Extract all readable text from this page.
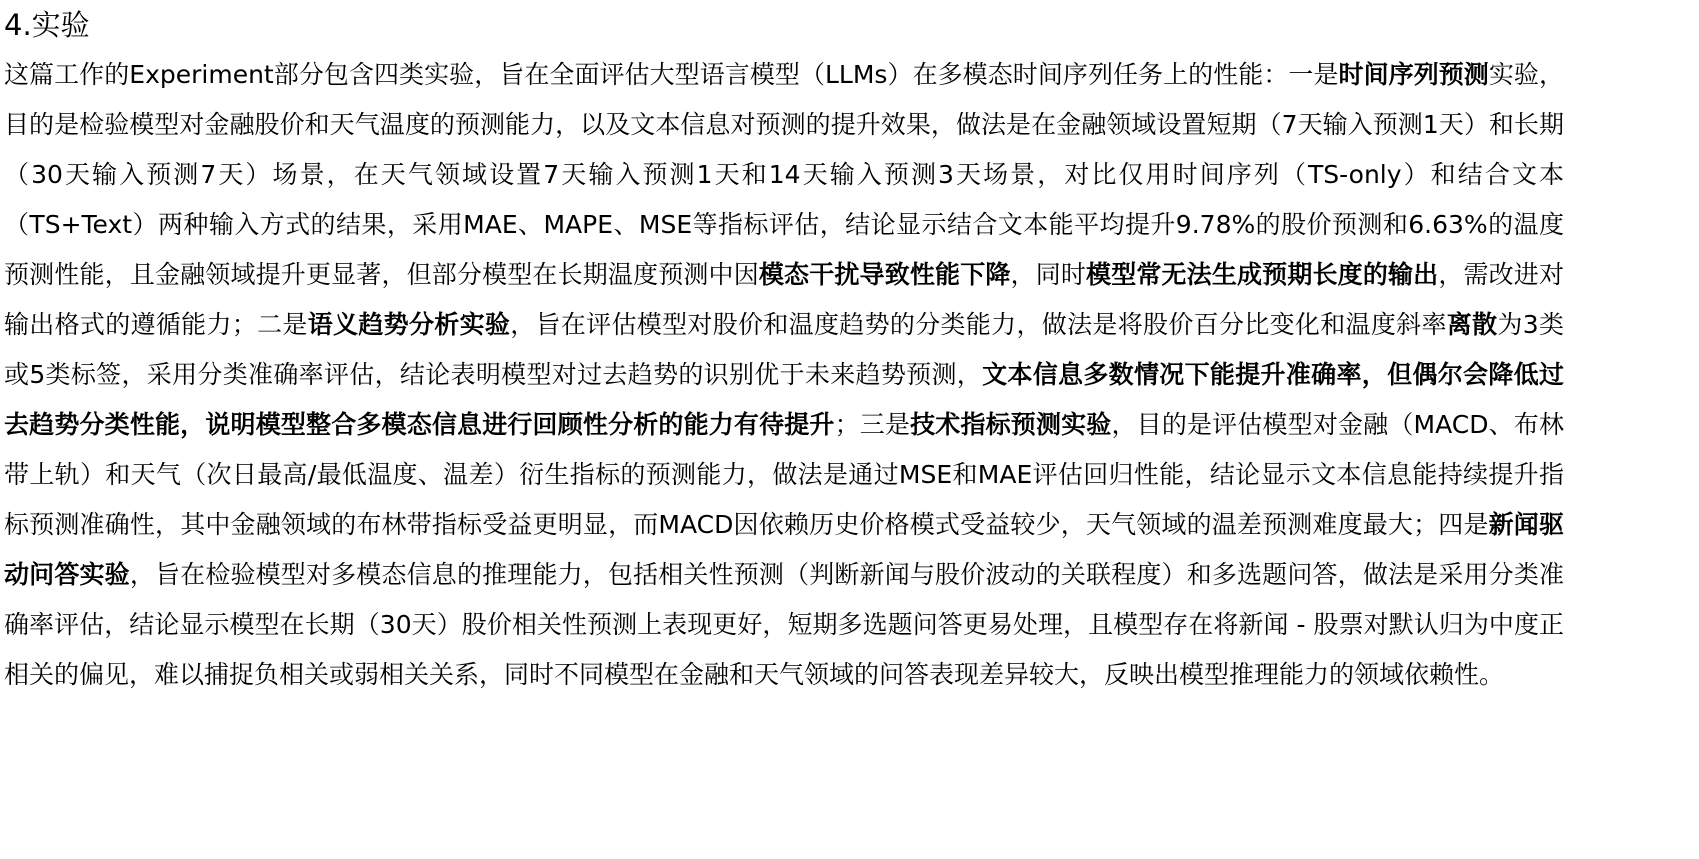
4.实验

这篇工作的Experiment部分包含四类实验，旨在全面评估大型语言模型（LLMs）在多模态时间序列任务上的性能：一是时间序列预测实验，目的是检验模型对金融股价和天气温度的预测能力，以及文本信息对预测的提升效果，做法是在金融领域设置短期（7天输入预测1天）和长期（30天输入预测7天）场景，在天气领域设置7天输入预测1天和14天输入预测3天场景，对比仅用时间序列（TS-only）和结合文本（TS+Text）两种输入方式的结果，采用MAE、MAPE、MSE等指标评估，结论显示结合文本能平均提升9.78%的股价预测和6.63%的温度预测性能，且金融领域提升更显著，但部分模型在长期温度预测中因模态干扰导致性能下降，同时模型常无法生成预期长度的输出，需改进对输出格式的遵循能力；二是语义趋势分析实验，旨在评估模型对股价和温度趋势的分类能力，做法是将股价百分比变化和温度斜率离散为3类或5类标签，采用分类准确率评估，结论表明模型对过去趋势的识别优于未来趋势预测，文本信息多数情况下能提升准确率，但偶尔会降低过去趋势分类性能，说明模型整合多模态信息进行回顾性分析的能力有待提升；三是技术指标预测实验，目的是评估模型对金融（MACD、布林带上轨）和天气（次日最高/最低温度、温差）衍生指标的预测能力，做法是通过MSE和MAE评估回归性能，结论显示文本信息能持续提升指标预测准确性，其中金融领域的布林带指标受益更明显，而MACD因依赖历史价格模式受益较少，天气领域的温差预测难度最大；四是新闻驱动问答实验，旨在检验模型对多模态信息的推理能力，包括相关性预测（判断新闻与股价波动的关联程度）和多选题问答，做法是采用分类准确率评估，结论显示模型在长期（30天）股价相关性预测上表现更好，短期多选题问答更易处理，且模型存在将新闻 - 股票对默认归为中度正相关的偏见，难以捕捉负相关或弱相关关系，同时不同模型在金融和天气领域的问答表现差异较大，反映出模型推理能力的领域依赖性。
